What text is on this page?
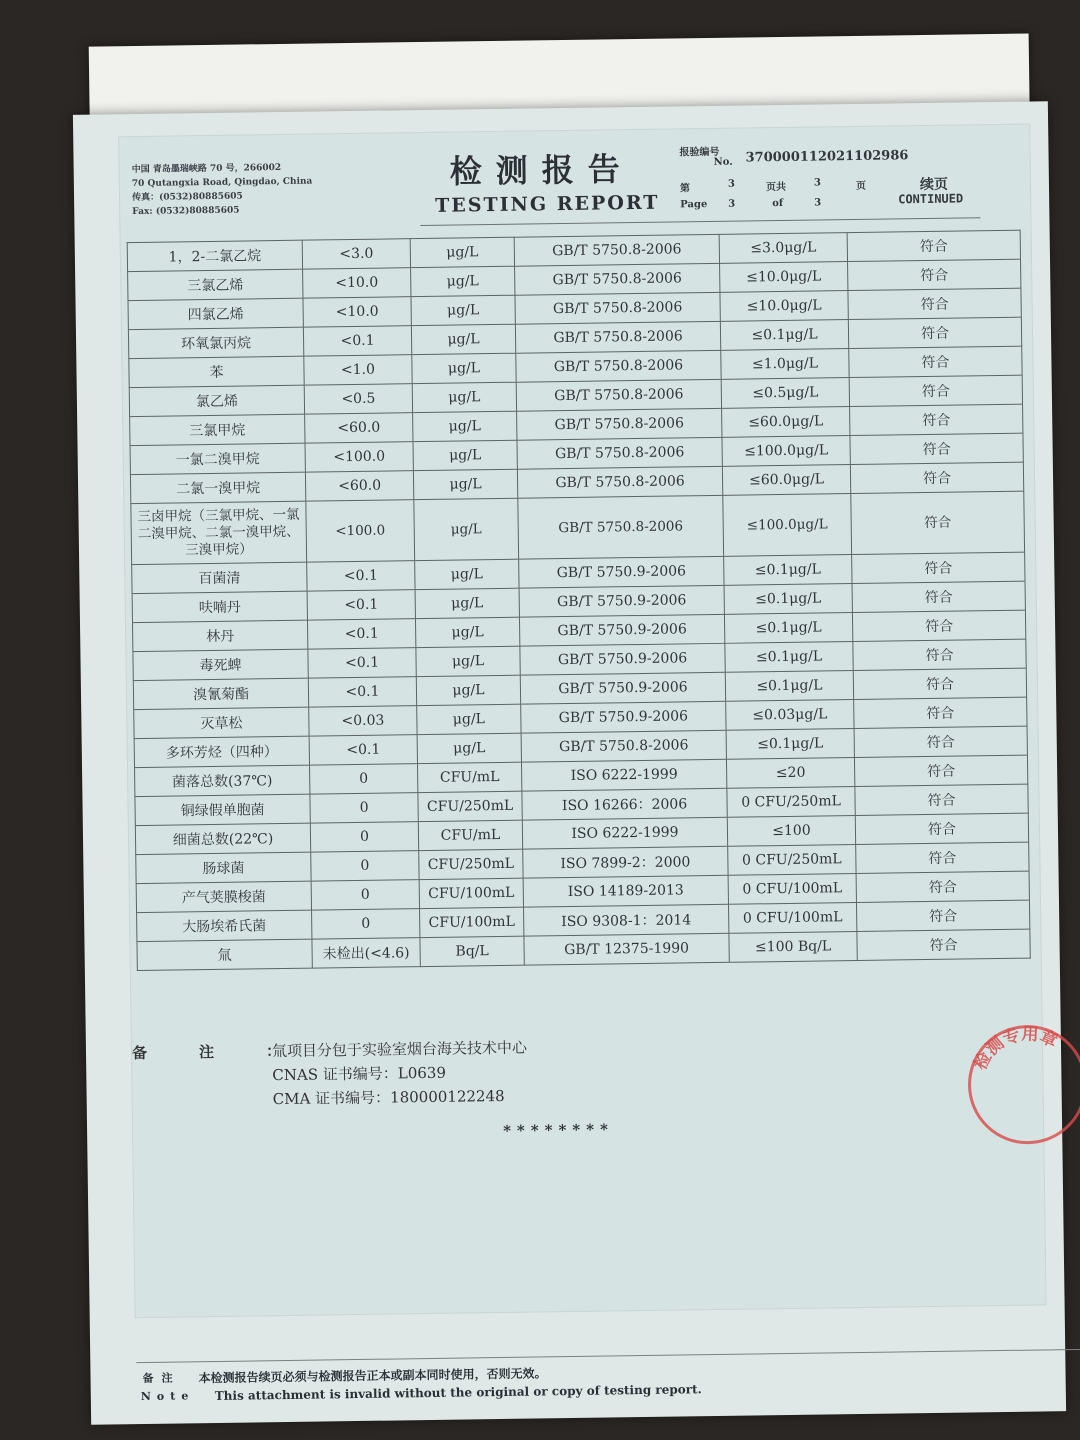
中国 青岛墨瑞峡路 70 号，266002
70 Qutangxia Road, Qingdao, China
传真：(0532)80885605
Fax: (0532)80885605
检测报告
TESTING REPORT
报验编号
No. 370000112021102986
第	3	页共	3	页	续页
Page 3	of	3	CONTINUED
1，2-二氯乙烷	<3.0	μg/L	GB/T 5750.8-2006	≤3.0μg/L	符合
三氯乙烯	<10.0	μg/L	GB/T 5750.8-2006	≤10.0μg/L	符合
四氯乙烯	<10.0	μg/L	GB/T 5750.8-2006	≤10.0μg/L	符合
环氧氯丙烷	<0.1	μg/L	GB/T 5750.8-2006	≤0.1μg/L	符合
苯	<1.0	μg/L	GB/T 5750.8-2006	≤1.0μg/L	符合
氯乙烯	<0.5	μg/L	GB/T 5750.8-2006	≤0.5μg/L	符合
三氯甲烷	<60.0	μg/L	GB/T 5750.8-2006	≤60.0μg/L	符合
一氯二溴甲烷	<100.0	μg/L	GB/T 5750.8-2006	≤100.0μg/L	符合
二氯一溴甲烷	<60.0	μg/L	GB/T 5750.8-2006	≤60.0μg/L	符合
三卤甲烷（三氯甲烷、一氯二溴甲烷、二氯一溴甲烷、三溴甲烷）	<100.0	μg/L	GB/T 5750.8-2006	≤100.0μg/L	符合
百菌清	<0.1	μg/L	GB/T 5750.9-2006	≤0.1μg/L	符合
呋喃丹	<0.1	μg/L	GB/T 5750.9-2006	≤0.1μg/L	符合
林丹	<0.1	μg/L	GB/T 5750.9-2006	≤0.1μg/L	符合
毒死蜱	<0.1	μg/L	GB/T 5750.9-2006	≤0.1μg/L	符合
溴氰菊酯	<0.1	μg/L	GB/T 5750.9-2006	≤0.1μg/L	符合
灭草松	<0.03	μg/L	GB/T 5750.9-2006	≤0.03μg/L	符合
多环芳烃（四种）	<0.1	μg/L	GB/T 5750.8-2006	≤0.1μg/L	符合
菌落总数(37℃)	0	CFU/mL	ISO 6222-1999	≤20	符合
铜绿假单胞菌	0	CFU/250mL	ISO 16266：2006	0 CFU/250mL	符合
细菌总数(22℃)	0	CFU/mL	ISO 6222-1999	≤100	符合
肠球菌	0	CFU/250mL	ISO 7899-2：2000	0 CFU/250mL	符合
产气荚膜梭菌	0	CFU/100mL	ISO 14189-2013	0 CFU/100mL	符合
大肠埃希氏菌	0	CFU/100mL	ISO 9308-1：2014	0 CFU/100mL	符合
氚	未检出(<4.6)	Bq/L	GB/T 12375-1990	≤100 Bq/L	符合
备注：
氚项目分包于实验室烟台海关技术中心
CNAS 证书编号：L0639
CMA 证书编号：180000122248
********
检测专用章
备注
Note
本检测报告续页必须与检测报告正本或副本同时使用，否则无效。
This attachment is invalid without the original or copy of testing report.
